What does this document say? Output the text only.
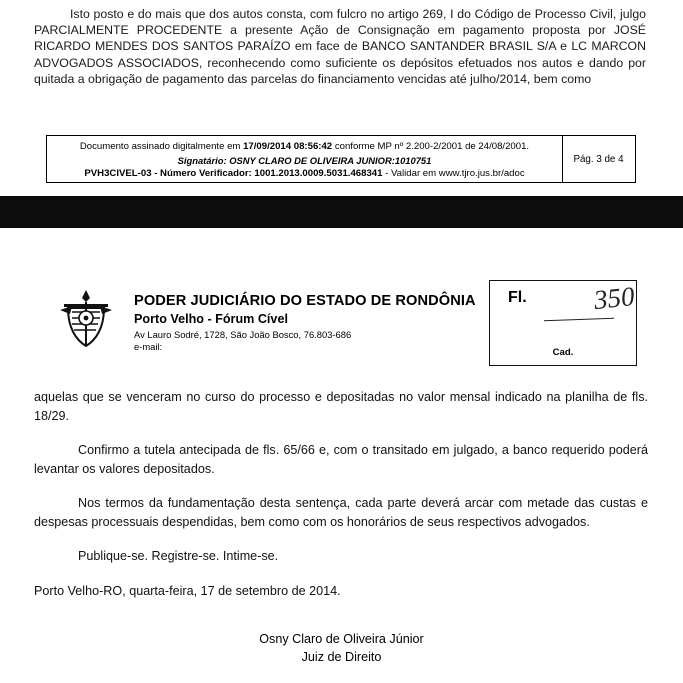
Isto posto e do mais que dos autos consta, com fulcro no artigo 269, I do Código de Processo Civil, julgo PARCIALMENTE PROCEDENTE a presente Ação de Consignação em pagamento proposta por JOSÉ RICARDO MENDES DOS SANTOS PARAÍZO em face de BANCO SANTANDER BRASIL S/A e LC MARCON ADVOGADOS ASSOCIADOS, reconhecendo como suficiente os depósitos efetuados nos autos e dando por quitada a obrigação de pagamento das parcelas do financiamento vencidas até julho/2014, bem como

Documento assinado digitalmente em 17/09/2014 08:56:42 conforme MP nº 2.200-2/2001 de 24/08/2001.
Signatário: OSNY CLARO DE OLIVEIRA JUNIOR:1010751
PVH3CIVEL-03 - Número Verificador: 1001.2013.0009.5031.468341 - Validar em www.tjro.jus.br/adoc
Pág. 3 de 4
PODER JUDICIÁRIO DO ESTADO DE RONDÔNIA
Porto Velho - Fórum Cível
Av Lauro Sodré, 1728, São João Bosco, 76.803-686
e-mail:
Fl. 350
Cad.

aquelas que se venceram no curso do processo e depositadas no valor mensal indicado na planilha de fls. 18/29.

Confirmo a tutela antecipada de fls. 65/66 e, com o transitado em julgado, a banco requerido poderá levantar os valores depositados.

Nos termos da fundamentação desta sentença, cada parte deverá arcar com metade das custas e despesas processuais despendidas, bem como com os honorários de seus respectivos advogados.

Publique-se. Registre-se. Intime-se.

Porto Velho-RO, quarta-feira, 17 de setembro de 2014.

Osny Claro de Oliveira Júnior
Juiz de Direito
